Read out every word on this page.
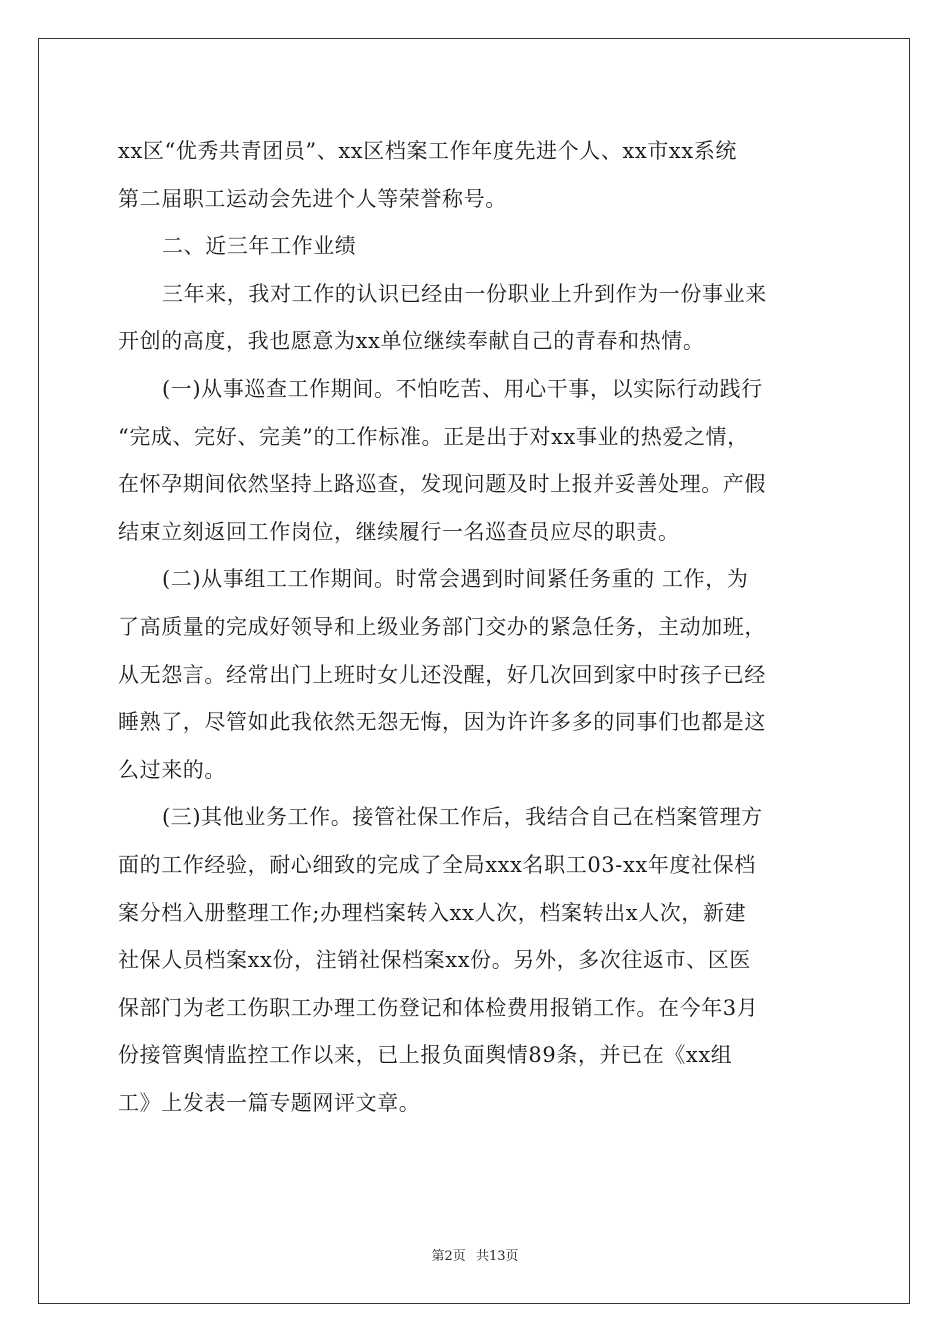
xx区“优秀共青团员”、xx区档案工作年度先进个人、xx市xx系统
第二届职工运动会先进个人等荣誉称号。
二、近三年工作业绩
三年来，我对工作的认识已经由一份职业上升到作为一份事业来
开创的高度，我也愿意为xx单位继续奉献自己的青春和热情。
(一)从事巡查工作期间。不怕吃苦、用心干事，以实际行动践行
“完成、完好、完美”的工作标准。正是出于对xx事业的热爱之情，
在怀孕期间依然坚持上路巡查，发现问题及时上报并妥善处理。产假
结束立刻返回工作岗位，继续履行一名巡查员应尽的职责。
(二)从事组工工作期间。时常会遇到时间紧任务重的 工作，为
了高质量的完成好领导和上级业务部门交办的紧急任务，主动加班，
从无怨言。经常出门上班时女儿还没醒，好几次回到家中时孩子已经
睡熟了，尽管如此我依然无怨无悔，因为许许多多的同事们也都是这
么过来的。
(三)其他业务工作。接管社保工作后，我结合自己在档案管理方
面的工作经验，耐心细致的完成了全局xxx名职工03-xx年度社保档
案分档入册整理工作;办理档案转入xx人次，档案转出x人次，新建
社保人员档案xx份，注销社保档案xx份。另外，多次往返市、区医
保部门为老工伤职工办理工伤登记和体检费用报销工作。在今年3月
份接管舆情监控工作以来，已上报负面舆情89条，并已在《xx组
工》上发表一篇专题网评文章。
第2页 共13页
